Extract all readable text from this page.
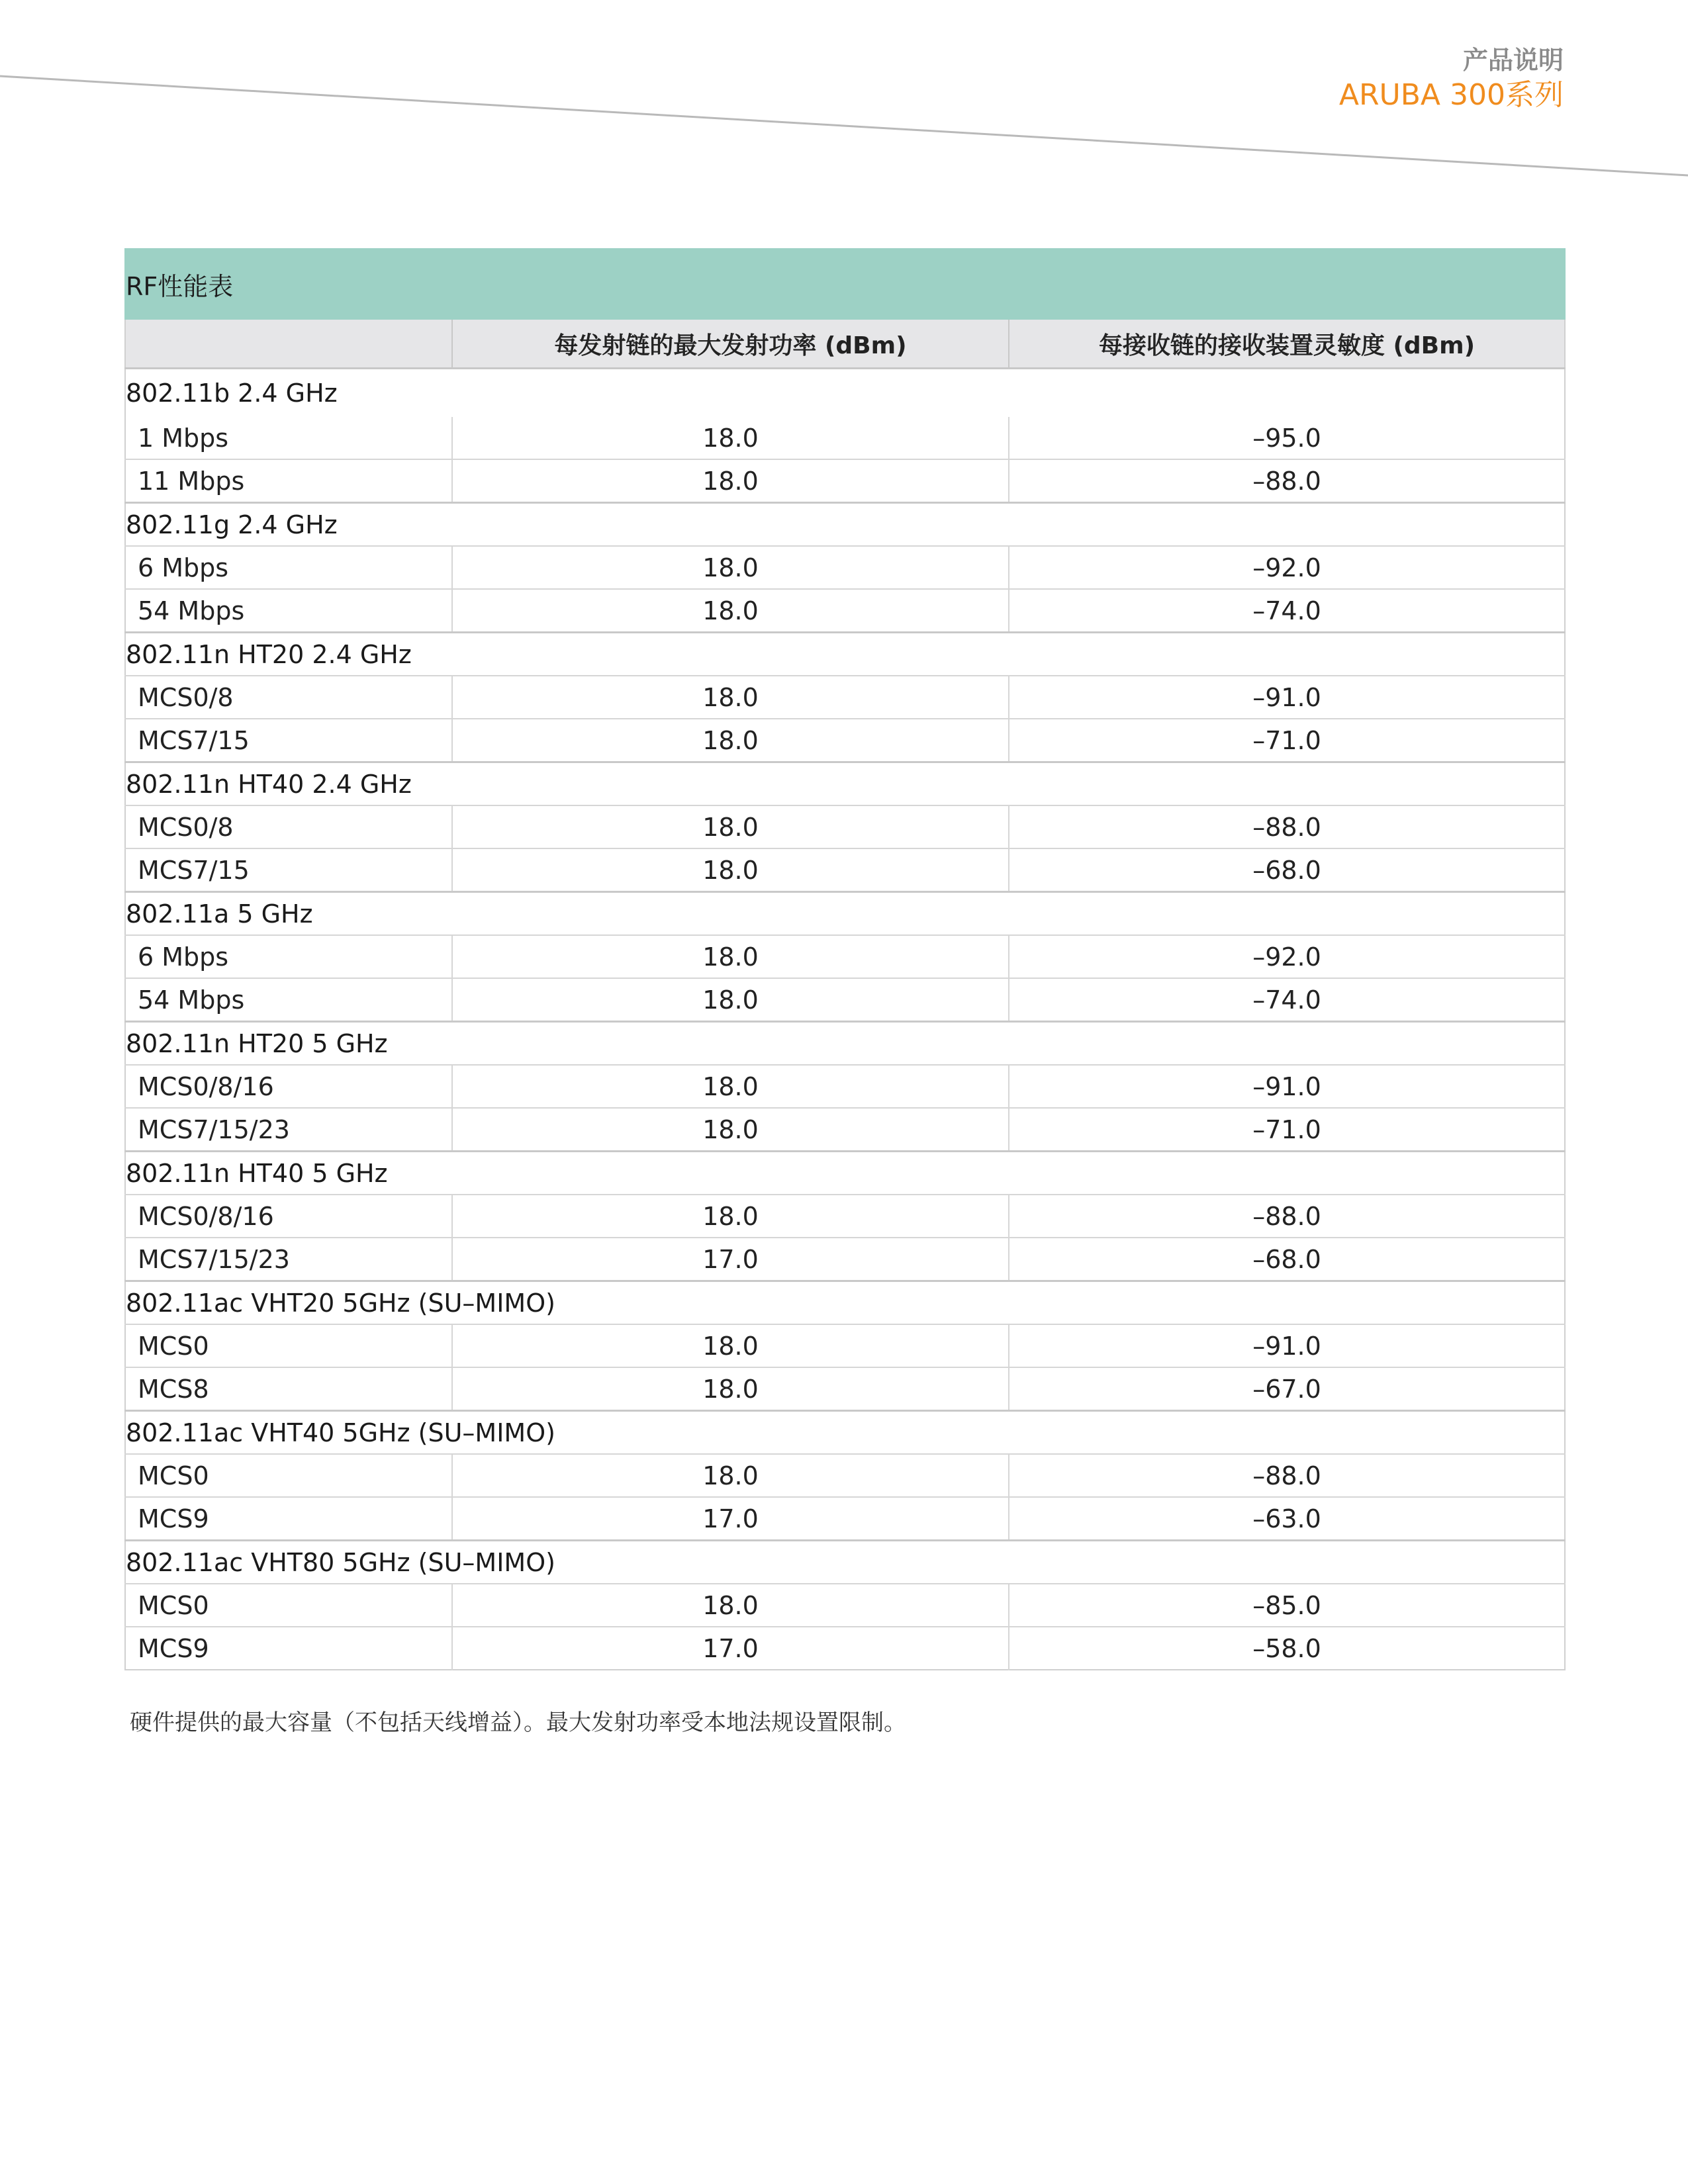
产品说明
ARUBA 300系列
RF性能表		
	每发射链的最大发射功率 (dBm)	每接收链的接收装置灵敏度 (dBm)
802.11b 2.4 GHz		
1 Mbps	18.0	–95.0
11 Mbps	18.0	–88.0
802.11g 2.4 GHz		
6 Mbps	18.0	–92.0
54 Mbps	18.0	–74.0
802.11n HT20 2.4 GHz		
MCS0/8	18.0	–91.0
MCS7/15	18.0	–71.0
802.11n HT40 2.4 GHz		
MCS0/8	18.0	–88.0
MCS7/15	18.0	–68.0
802.11a 5 GHz		
6 Mbps	18.0	–92.0
54 Mbps	18.0	–74.0
802.11n HT20 5 GHz		
MCS0/8/16	18.0	–91.0
MCS7/15/23	18.0	–71.0
802.11n HT40 5 GHz		
MCS0/8/16	18.0	–88.0
MCS7/15/23	17.0	–68.0
802.11ac VHT20 5GHz (SU–MIMO)		
MCS0	18.0	–91.0
MCS8	18.0	–67.0
802.11ac VHT40 5GHz (SU–MIMO)		
MCS0	18.0	–88.0
MCS9	17.0	–63.0
802.11ac VHT80 5GHz (SU–MIMO)		
MCS0	18.0	–85.0
MCS9	17.0	–58.0
硬件提供的最大容量（不包括天线增益）。最大发射功率受本地法规设置限制。
